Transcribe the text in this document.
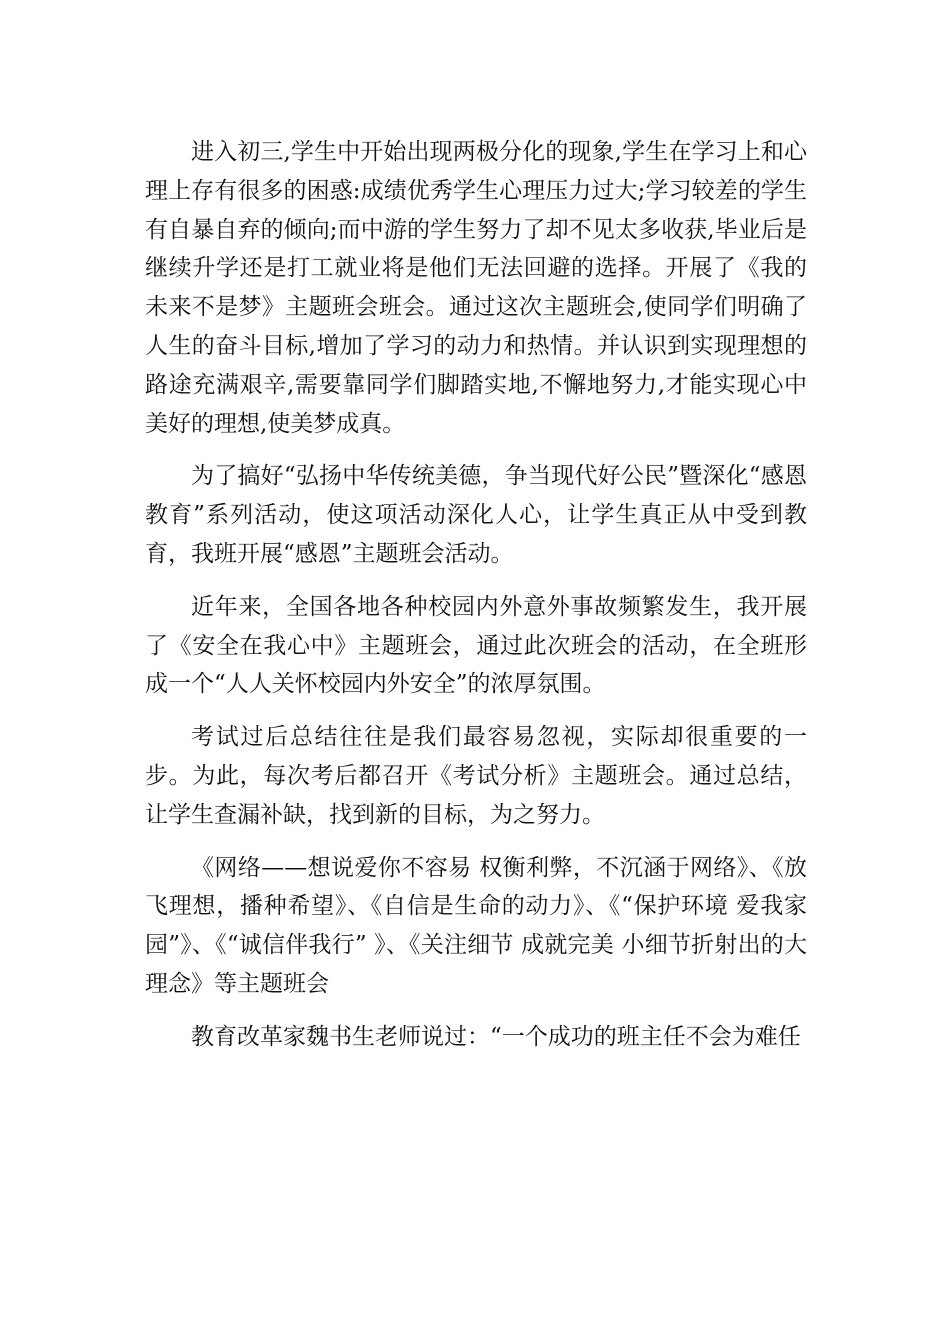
进入初三,学生中开始出现两极分化的现象,学生在学习上和心理上存有很多的困惑:成绩优秀学生心理压力过大;学习较差的学生有自暴自弃的倾向;而中游的学生努力了却不见太多收获,毕业后是继续升学还是打工就业将是他们无法回避的选择。开展了《我的未来不是梦》主题班会班会。通过这次主题班会,使同学们明确了人生的奋斗目标,增加了学习的动力和热情。并认识到实现理想的路途充满艰辛,需要靠同学们脚踏实地,不懈地努力,才能实现心中美好的理想,使美梦成真。

为了搞好“弘扬中华传统美德，争当现代好公民”暨深化“感恩教育”系列活动，使这项活动深化人心，让学生真正从中受到教育，我班开展“感恩”主题班会活动。

近年来，全国各地各种校园内外意外事故频繁发生，我开展了《安全在我心中》主题班会，通过此次班会的活动，在全班形成一个“人人关怀校园内外安全”的浓厚氛围。

考试过后总结往往是我们最容易忽视，实际却很重要的一步。为此，每次考后都召开《考试分析》主题班会。通过总结，让学生查漏补缺，找到新的目标，为之努力。

《网络——想说爱你不容易 权衡利弊，不沉涵于网络》、《放飞理想，播种希望》、《自信是生命的动力》、《“保护环境 爱我家园”》、《“诚信伴我行” 》、《关注细节 成就完美 小细节折射出的大理念》等主题班会

教育改革家魏书生老师说过：“一个成功的班主任不会为难任
